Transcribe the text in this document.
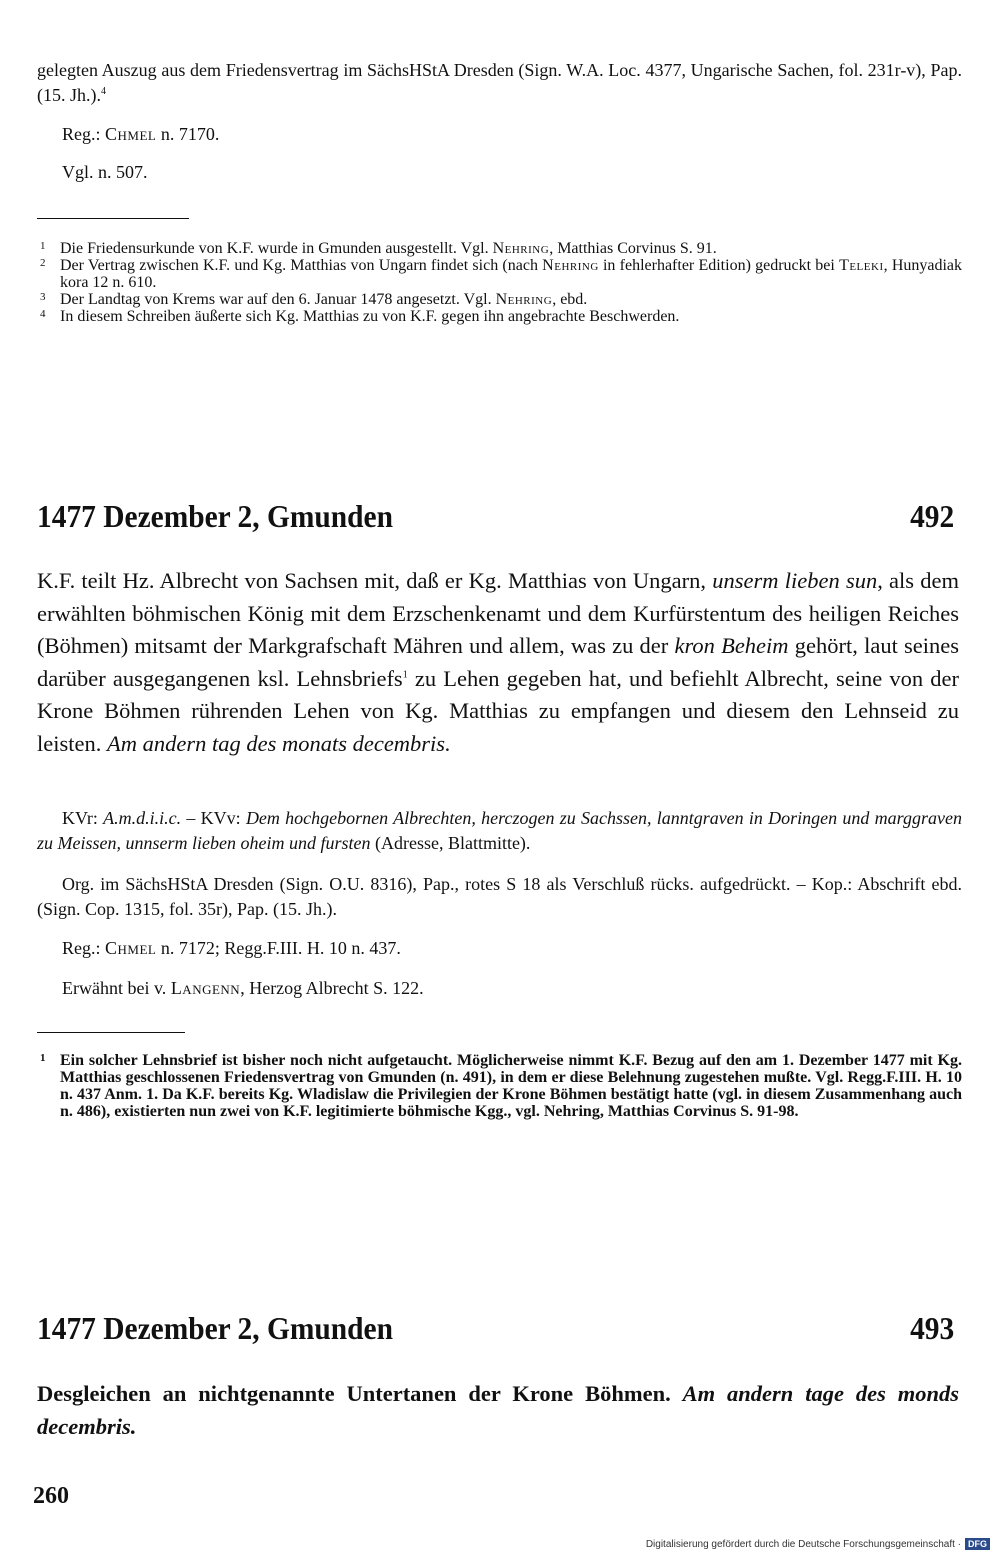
gelegten Auszug aus dem Friedensvertrag im SächsHStA Dresden (Sign. W.A. Loc. 4377, Ungarische Sachen, fol. 231r-v), Pap. (15. Jh.).$^4$

Reg.: Chmel n. 7170.

Vgl. n. 507.

1 Die Friedensurkunde von K.F. wurde in Gmunden ausgestellt. Vgl. Nehring, Matthias Corvinus S. 91.
2 Der Vertrag zwischen K.F. und Kg. Matthias von Ungarn findet sich (nach Nehring in fehlerhafter Edition) gedruckt bei Teleki, Hunyadiak kora 12 n. 610.
3 Der Landtag von Krems war auf den 6. Januar 1478 angesetzt. Vgl. Nehring, ebd.
4 In diesem Schreiben äußerte sich Kg. Matthias zu von K.F. gegen ihn angebrachte Beschwerden.
1477 Dezember 2, Gmunden	492

K.F. teilt Hz. Albrecht von Sachsen mit, daß er Kg. Matthias von Ungarn, unserm lieben sun, als dem erwählten böhmischen König mit dem Erzschenkenamt und dem Kurfürstentum des heiligen Reiches (Böhmen) mitsamt der Markgrafschaft Mähren und allem, was zu der kron Beheim gehört, laut seines darüber ausgegangenen ksl. Lehnsbriefs$^1$ zu Lehen gegeben hat, und befiehlt Albrecht, seine von der Krone Böhmen rührenden Lehen von Kg. Matthias zu empfangen und diesem den Lehnseid zu leisten. Am andern tag des monats decembris.

KVr: A.m.d.i.i.c. – KVv: Dem hochgebornen Albrechten, herczogen zu Sachssen, lanntgraven in Doringen und marggraven zu Meissen, unnserm lieben oheim und fursten (Adresse, Blattmitte).

Org. im SächsHStA Dresden (Sign. O.U. 8316), Pap., rotes S 18 als Verschluß rücks. aufgedrückt. – Kop.: Abschrift ebd. (Sign. Cop. 1315, fol. 35r), Pap. (15. Jh.).

Reg.: Chmel n. 7172; Regg.F.III. H. 10 n. 437.

Erwähnt bei v. Langenn, Herzog Albrecht S. 122.

1 Ein solcher Lehnsbrief ist bisher noch nicht aufgetaucht. Möglicherweise nimmt K.F. Bezug auf den am 1. Dezember 1477 mit Kg. Matthias geschlossenen Friedensvertrag von Gmunden (n. 491), in dem er diese Belehnung zugestehen mußte. Vgl. Regg.F.III. H. 10 n. 437 Anm. 1. Da K.F. bereits Kg. Wladislaw die Privilegien der Krone Böhmen bestätigt hatte (vgl. in diesem Zusammenhang auch n. 486), existierten nun zwei von K.F. legitimierte böhmische Kgg., vgl. Nehring, Matthias Corvinus S. 91-98.
1477 Dezember 2, Gmunden	493

Desgleichen an nichtgenannte Untertanen der Krone Böhmen. Am andern tage des monds decembris.

260
Digitalisierung gefördert durch die Deutsche Forschungsgemeinschaft · DFG
